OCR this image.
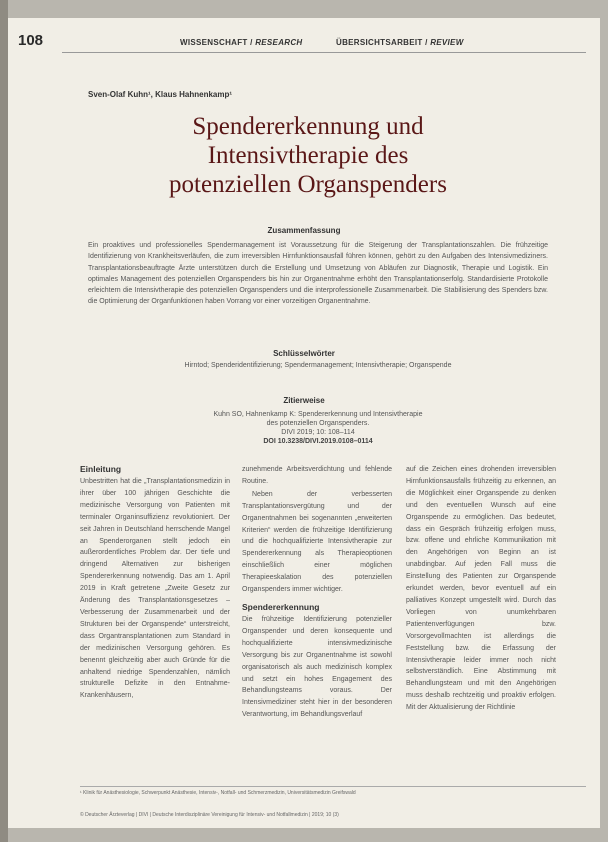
108	WISSENSCHAFT / RESEARCH	ÜBERSICHTSARBEIT / REVIEW
Sven-Olaf Kuhn¹, Klaus Hahnenkamp¹
Spendererkennung und
Intensivtherapie des
potenziellen Organspenders
Zusammenfassung
Ein proaktives und professionelles Spendermanagement ist Voraussetzung für die Steigerung der Transplantationszahlen. Die frühzeitige Identifizierung von Krankheitsverläufen, die zum irreversiblen Hirnfunktionsausfall führen können, gehört zu den Aufgaben des Intensivmediziners. Transplantationsbeauftragte Ärzte unterstützen durch die Erstellung und Umsetzung von Abläufen zur Diagnostik, Therapie und Logistik. Ein optimales Management des potenziellen Organspenders bis hin zur Organentnahme erhöht den Transplantationserfolg. Standardisierte Protokolle erleichtern die Intensivtherapie des potenziellen Organspenders und die interprofessionelle Zusammenarbeit. Die Stabilisierung des Spenders bzw. die Optimierung der Organfunktionen haben Vorrang vor einer vorzeitigen Organentnahme.
Schlüsselwörter
Hirntod; Spenderidentifizierung; Spendermanagement; Intensivtherapie; Organspende
Zitierweise
Kuhn SO, Hahnenkamp K: Spendererkennung und Intensivtherapie
des potenziellen Organspenders.
DIVI 2019; 10: 108–114
DOI 10.3238/DIVI.2019.0108–0114
Einleitung

Unbestritten hat die „Transplantationsmedizin in ihrer über 100 jährigen Geschichte die medizinische Versorgung von Patienten mit terminaler Organinsuffizienz revolutioniert. Der seit Jahren in Deutschland herrschende Mangel an Spenderorganen stellt jedoch ein außerordentliches Problem dar. Der tiefe und dringend Alternativen zur bisherigen Spendererkennung notwendig. Das am 1. April 2019 in Kraft getretene „Zweite Gesetz zur Änderung des Transplantationsgesetzes – Verbesserung der Zusammenarbeit und der Strukturen bei der Organspende“ unterstreicht, dass Organtransplantationen zum Standard in der medizinischen Versorgung gehören. Es benennt gleichzeitig aber auch Gründe für die anhaltend niedrige Spendenzahlen, nämlich strukturelle Defizite in den Entnahme-Krankenhäusern,

zunehmende Arbeitsverdichtung und fehlende Routine.

Neben der verbesserten Transplantationsvergütung und der Organentnahmen bei sogenannten „erweiterten Kriterien“ werden die frühzeitige Identifizierung und die hochqualifizierte Intensivtherapie zur Spendererkennung als Therapieoptionen einschließlich einer möglichen Therapieeskalation des potenziellen Organspenders immer wichtiger.

Spendererkennung

Die frühzeitige Identifizierung potenzieller Organspender und deren konsequente und hochqualifizierte intensivmedizinische Versorgung bis zur Organentnahme ist sowohl organisatorisch als auch medizinisch komplex und setzt ein hohes Engagement des Behandlungsteams voraus. Der Intensivmediziner steht hier in der besonderen Verantwortung, im Behandlungsverlauf

auf die Zeichen eines drohenden irreversiblen Hirnfunktionsausfalls frühzeitig zu erkennen, an die Möglichkeit einer Organspende zu denken und den eventuellen Wunsch auf eine Organspende zu ermöglichen. Das bedeutet, dass ein Gespräch frühzeitig erfolgen muss, bzw. offene und ehrliche Kommunikation mit den Angehörigen von Beginn an ist unabdingbar. Auf jeden Fall muss die Einstellung des Patienten zur Organspende erkundet werden, bevor eventuell auf ein palliatives Konzept umgestellt wird. Durch das Vorliegen von unumkehrbaren Patientenverfügungen bzw. Vorsorgevollmachten ist allerdings die Feststellung bzw. die Erfassung der Intensivtherapie leider immer noch nicht selbstverständlich. Eine Abstimmung mit Behandlungsteam und mit den Angehörigen muss deshalb rechtzeitig und proaktiv erfolgen. Mit der Aktualisierung der Richtlinie

¹ Klinik für Anästhesiologie, Schwerpunkt Anästhesie, Intensiv-, Notfall- und Schmerzmedizin, Universitätsmedizin Greifswald
© Deutscher Ärzteverlag | DIVI | Deutsche Interdisziplinäre Vereinigung für Intensiv- und Notfallmedizin | 2019; 10 (3)
